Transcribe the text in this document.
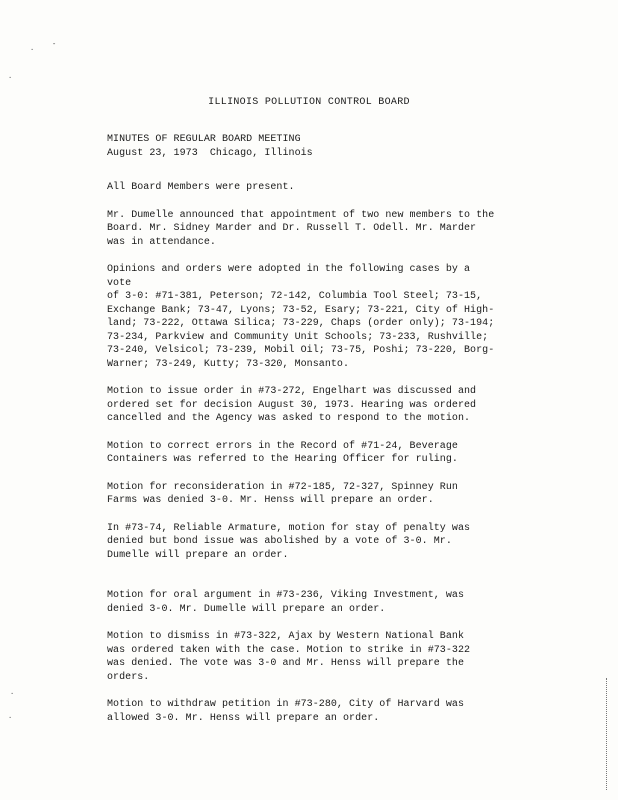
.	-
.
.
.
ILLINOIS POLLUTION CONTROL BOARD
MINUTES OF REGULAR BOARD MEETING
August 23, 1973  Chicago, Illinois

All Board Members were present.

Mr. Dumelle announced that appointment of two new members to the
Board. Mr. Sidney Marder and Dr. Russell T. Odell. Mr. Marder
was in attendance.

Opinions and orders were adopted in the following cases by a vote
of 3-0: #71-381, Peterson; 72-142, Columbia Tool Steel; 73-15,
Exchange Bank; 73-47, Lyons; 73-52, Esary; 73-221, City of High-
land; 73-222, Ottawa Silica; 73-229, Chaps (order only); 73-194;
73-234, Parkview and Community Unit Schools; 73-233, Rushville;
73-240, Velsicol; 73-239, Mobil Oil; 73-75, Poshi; 73-220, Borg-
Warner; 73-249, Kutty; 73-320, Monsanto.

Motion to issue order in #73-272, Engelhart was discussed and
ordered set for decision August 30, 1973. Hearing was ordered
cancelled and the Agency was asked to respond to the motion.

Motion to correct errors in the Record of #71-24, Beverage
Containers was referred to the Hearing Officer for ruling.

Motion for reconsideration in #72-185, 72-327, Spinney Run
Farms was denied 3-0. Mr. Henss will prepare an order.

In #73-74, Reliable Armature, motion for stay of penalty was
denied but bond issue was abolished by a vote of 3-0. Mr.
Dumelle will prepare an order.

Motion for oral argument in #73-236, Viking Investment, was
denied 3-0. Mr. Dumelle will prepare an order.

Motion to dismiss in #73-322, Ajax by Western National Bank
was ordered taken with the case. Motion to strike in #73-322
was denied. The vote was 3-0 and Mr. Henss will prepare the
orders.

Motion to withdraw petition in #73-280, City of Harvard was
allowed 3-0. Mr. Henss will prepare an order.
